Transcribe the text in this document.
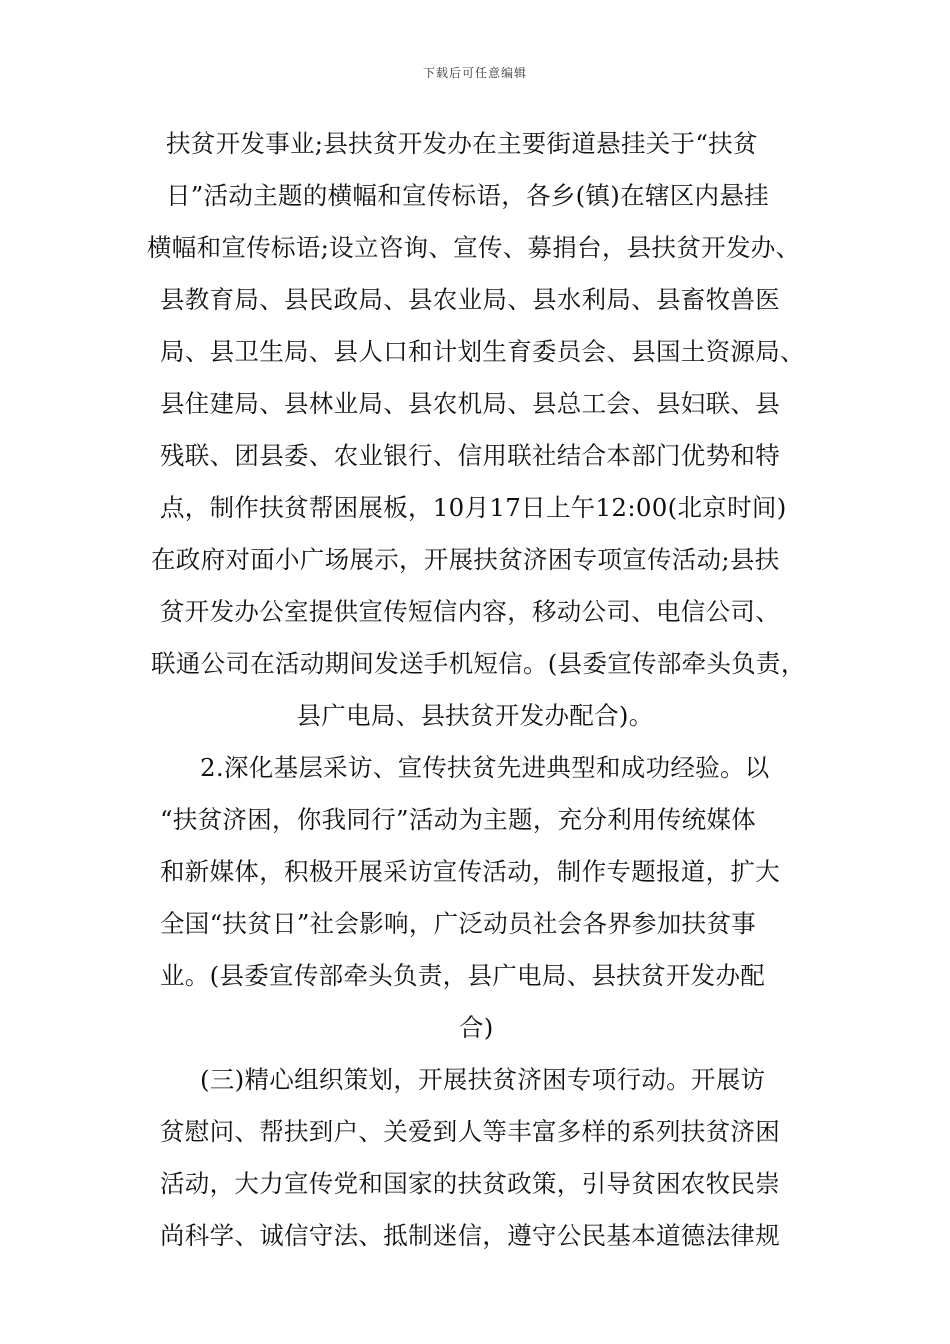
下载后可任意编辑
扶贫开发事业;县扶贫开发办在主要街道悬挂关于“扶贫
日”活动主题的横幅和宣传标语，各乡(镇)在辖区内悬挂
横幅和宣传标语;设立咨询、宣传、募捐台，县扶贫开发办、
县教育局、县民政局、县农业局、县水利局、县畜牧兽医
局、县卫生局、县人口和计划生育委员会、县国土资源局、
县住建局、县林业局、县农机局、县总工会、县妇联、县
残联、团县委、农业银行、信用联社结合本部门优势和特
点，制作扶贫帮困展板，10月17日上午12:00(北京时间)
在政府对面小广场展示，开展扶贫济困专项宣传活动;县扶
贫开发办公室提供宣传短信内容，移动公司、电信公司、
联通公司在活动期间发送手机短信。(县委宣传部牵头负责，
县广电局、县扶贫开发办配合)。
2.深化基层采访、宣传扶贫先进典型和成功经验。以
“扶贫济困，你我同行”活动为主题，充分利用传统媒体
和新媒体，积极开展采访宣传活动，制作专题报道，扩大
全国“扶贫日”社会影响，广泛动员社会各界参加扶贫事
业。(县委宣传部牵头负责，县广电局、县扶贫开发办配
合)
(三)精心组织策划，开展扶贫济困专项行动。开展访
贫慰问、帮扶到户、关爱到人等丰富多样的系列扶贫济困
活动，大力宣传党和国家的扶贫政策，引导贫困农牧民崇
尚科学、诚信守法、抵制迷信，遵守公民基本道德法律规
